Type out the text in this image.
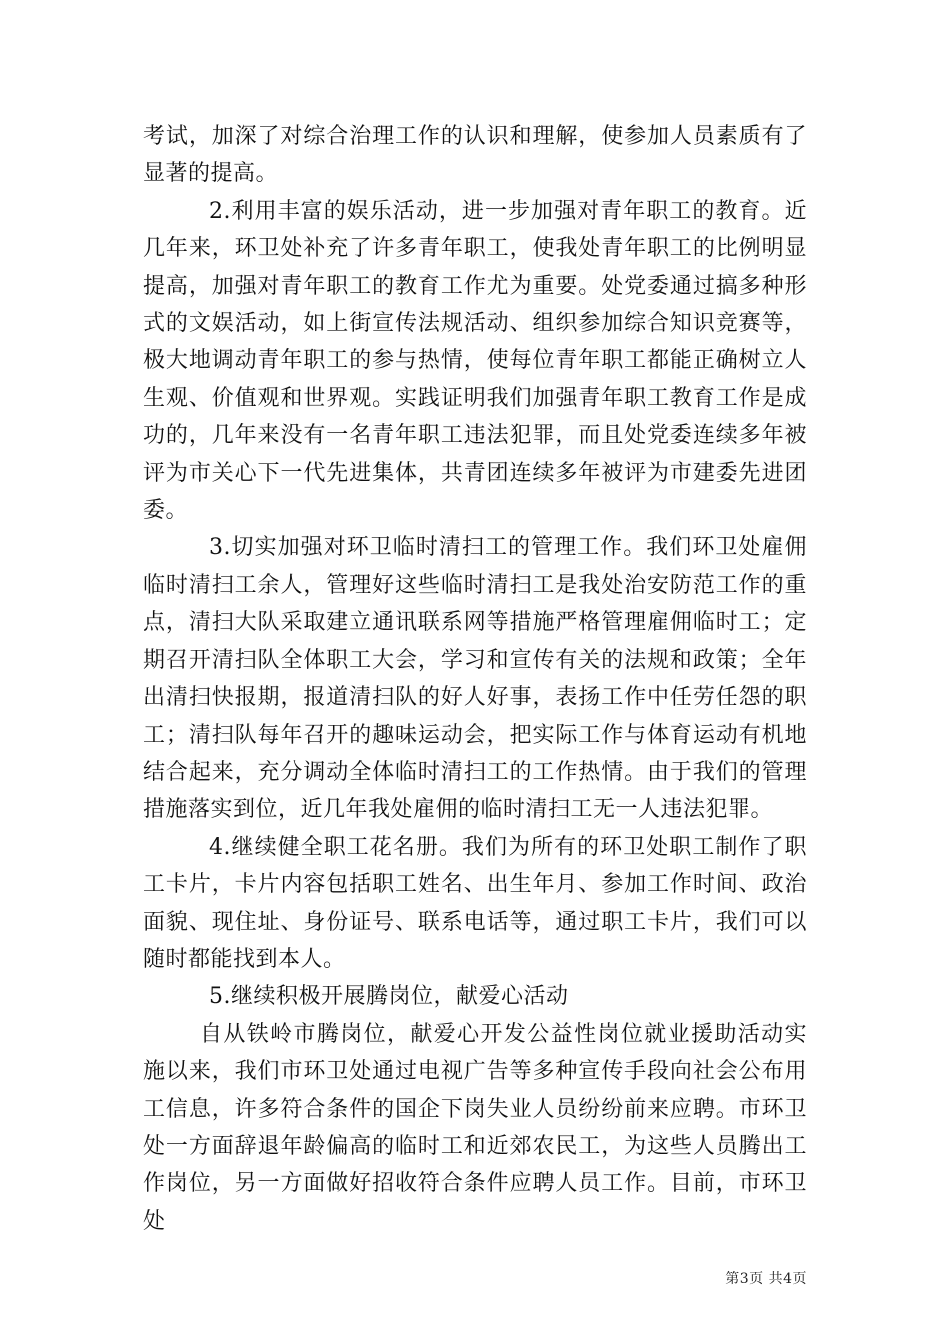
考试，加深了对综合治理工作的认识和理解，使参加人员素质有了显著的提高。

2.利用丰富的娱乐活动，进一步加强对青年职工的教育。近几年来，环卫处补充了许多青年职工，使我处青年职工的比例明显提高，加强对青年职工的教育工作尤为重要。处党委通过搞多种形式的文娱活动，如上街宣传法规活动、组织参加综合知识竞赛等，极大地调动青年职工的参与热情，使每位青年职工都能正确树立人生观、价值观和世界观。实践证明我们加强青年职工教育工作是成功的，几年来没有一名青年职工违法犯罪，而且处党委连续多年被评为市关心下一代先进集体，共青团连续多年被评为市建委先进团委。

3.切实加强对环卫临时清扫工的管理工作。我们环卫处雇佣临时清扫工余人，管理好这些临时清扫工是我处治安防范工作的重点，清扫大队采取建立通讯联系网等措施严格管理雇佣临时工；定期召开清扫队全体职工大会，学习和宣传有关的法规和政策；全年出清扫快报期，报道清扫队的好人好事，表扬工作中任劳任怨的职工；清扫队每年召开的趣味运动会，把实际工作与体育运动有机地结合起来，充分调动全体临时清扫工的工作热情。由于我们的管理措施落实到位，近几年我处雇佣的临时清扫工无一人违法犯罪。

4.继续健全职工花名册。我们为所有的环卫处职工制作了职工卡片，卡片内容包括职工姓名、出生年月、参加工作时间、政治面貌、现住址、身份证号、联系电话等，通过职工卡片，我们可以随时都能找到本人。

5.继续积极开展腾岗位，献爱心活动

自从铁岭市腾岗位，献爱心开发公益性岗位就业援助活动实施以来，我们市环卫处通过电视广告等多种宣传手段向社会公布用工信息，许多符合条件的国企下岗失业人员纷纷前来应聘。市环卫处一方面辞退年龄偏高的临时工和近郊农民工，为这些人员腾出工作岗位，另一方面做好招收符合条件应聘人员工作。目前，市环卫处

第3页 共4页
